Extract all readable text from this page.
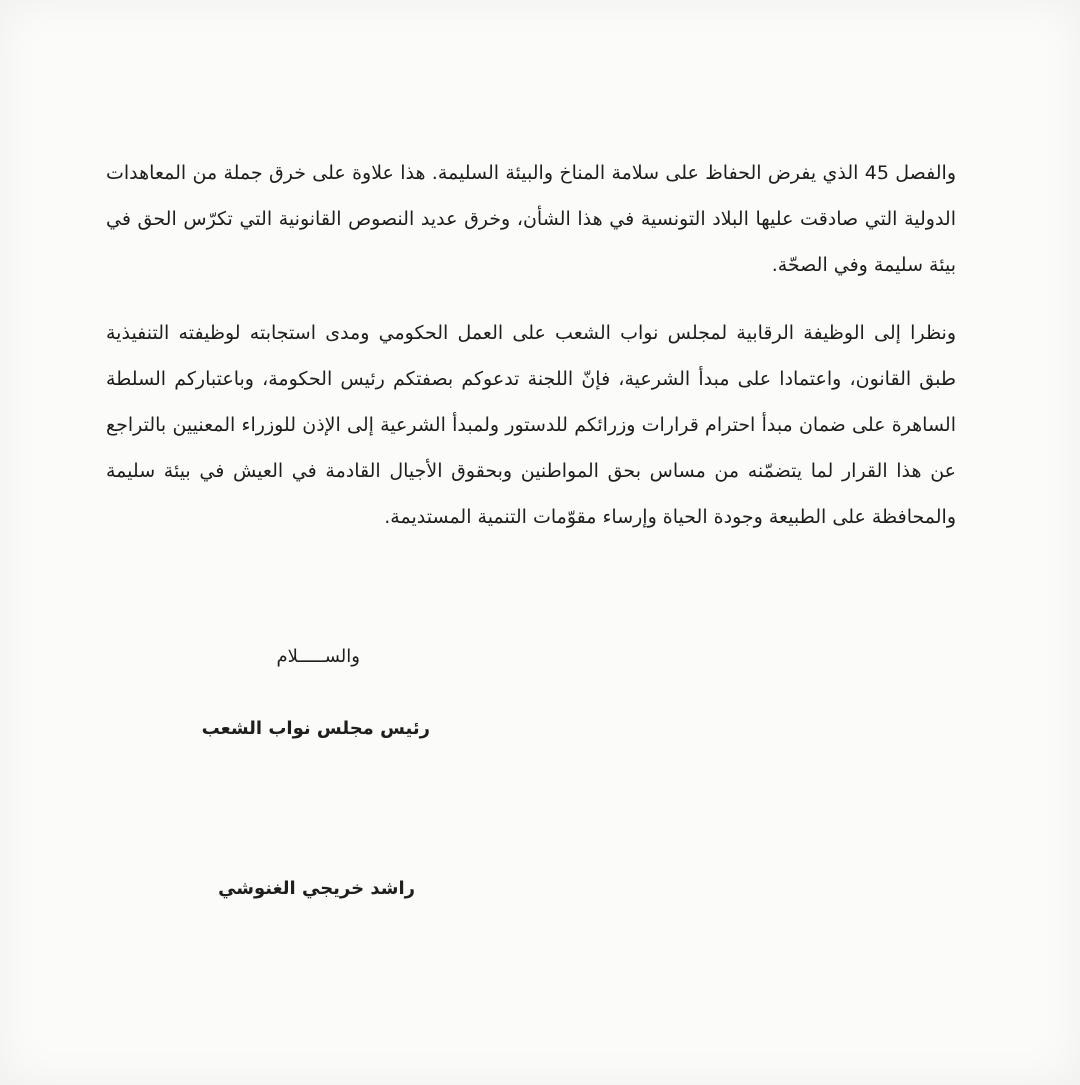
والفصل 45 الذي يفرض الحفاظ على سلامة المناخ والبيئة السليمة. هذا علاوة على خرق جملة من المعاهدات الدولية التي صادقت عليها البلاد التونسية في هذا الشأن، وخرق عديد النصوص القانونية التي تكرّس الحق في بيئة سليمة وفي الصحّة.

ونظرا إلى الوظيفة الرقابية لمجلس نواب الشعب على العمل الحكومي ومدى استجابته لوظيفته التنفيذية طبق القانون، واعتمادا على مبدأ الشرعية، فإنّ اللجنة تدعوكم بصفتكم رئيس الحكومة، وباعتباركم السلطة الساهرة على ضمان مبدأ احترام قرارات وزرائكم للدستور ولمبدأ الشرعية إلى الإذن للوزراء المعنيين بالتراجع عن هذا القرار لما يتضمّنه من مساس بحق المواطنين وبحقوق الأجيال القادمة في العيش في بيئة سليمة والمحافظة على الطبيعة وجودة الحياة وإرساء مقوّمات التنمية المستديمة.

والســـــلام
رئيس مجلس نواب الشعب
راشد خريجي الغنوشي
